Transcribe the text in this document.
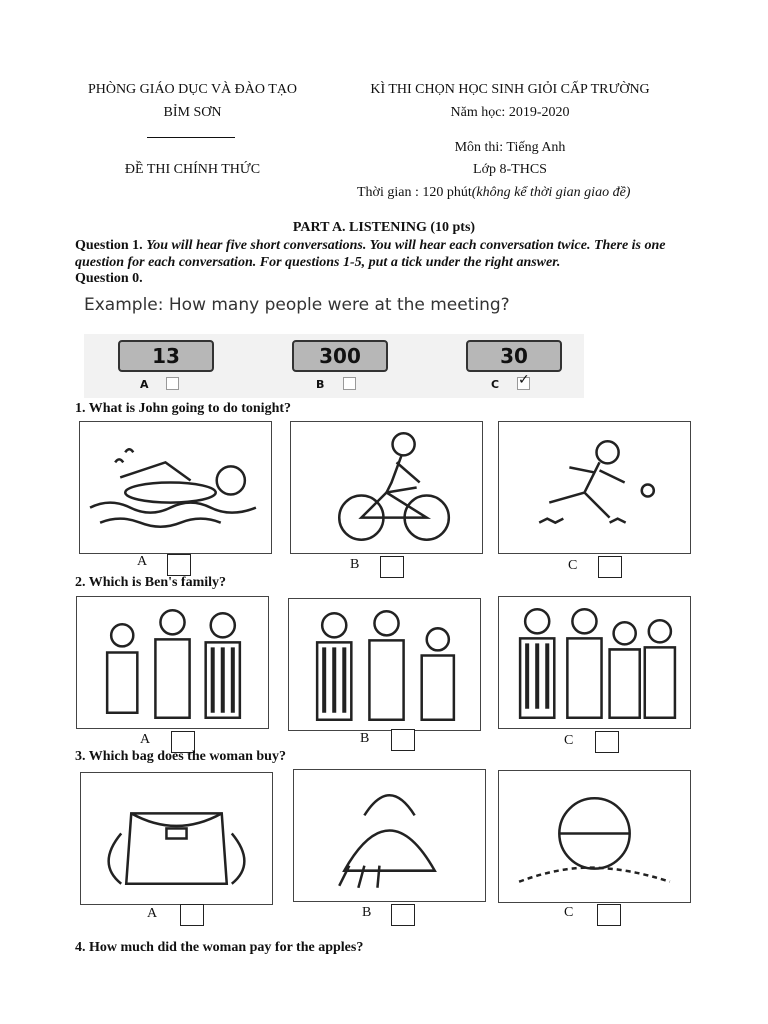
PHÒNG GIÁO DỤC VÀ ĐÀO TẠO
BỈM SƠN
ĐỀ THI CHÍNH THỨC
KÌ THI CHỌN HỌC SINH GIỎI CẤP TRƯỜNG
Năm học: 2019-2020
Môn thi: Tiếng Anh
Lớp 8-THCS
Thời gian : 120 phút(không kể thời gian giao đề)
PART A. LISTENING (10 pts)
Question 1. You will hear five short conversations. You will hear each conversation twice. There is one question for each conversation. For questions 1-5, put a tick under the right answer.
Question 0.
Example: How many people were at the meeting?
13	300	30
A	B	C ✓
1. What is John going to do tonight?
A	B	C
2. Which is Ben's family?
A	B	C
3. Which bag does the woman buy?
A	B	C
4. How much did the woman pay for the apples?
